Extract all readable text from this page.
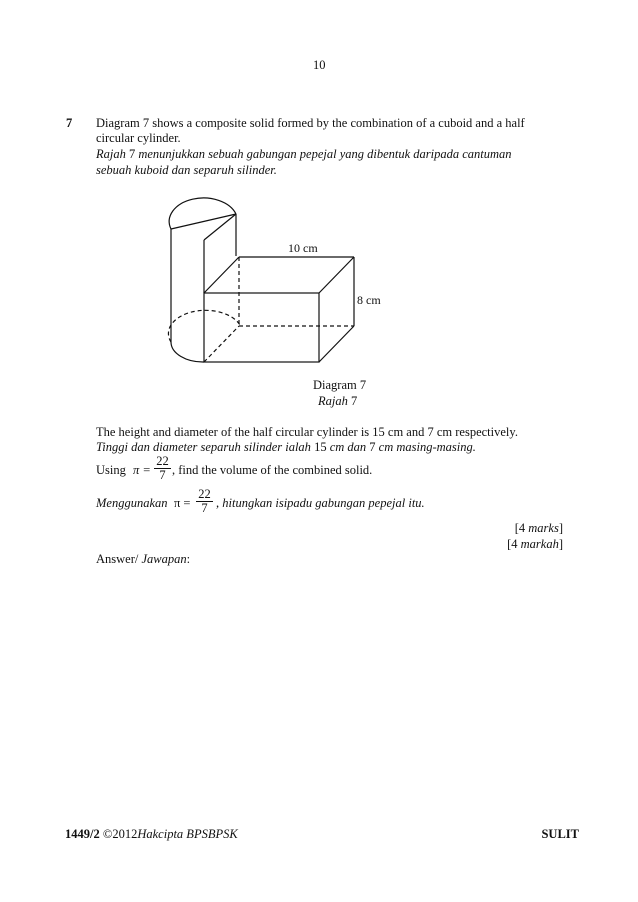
10
7 Diagram 7 shows a composite solid formed by the combination of a cuboid and a half
circular cylinder.
Rajah 7 menunjukkan sebuah gabungan pepejal yang dibentuk daripada cantuman
sebuah kuboid dan separuh silinder.
10 cm
8 cm
Diagram 7
Rajah 7
The height and diameter of the half circular cylinder is 15 cm and 7 cm respectively.
Tinggi dan diameter separuh silinder ialah 15 cm dan 7 cm masing-masing.
Using $\pi = \frac{22}{7}$ , find the volume of the combined solid.
Menggunakan $\pi = \frac{22}{7}$ , hitungkan isipadu gabungan pepejal itu.
[4 marks]
[4 markah]
Answer/ Jawapan:
1449/2 ©2012Hakcipta BPSBPSK	SULIT
